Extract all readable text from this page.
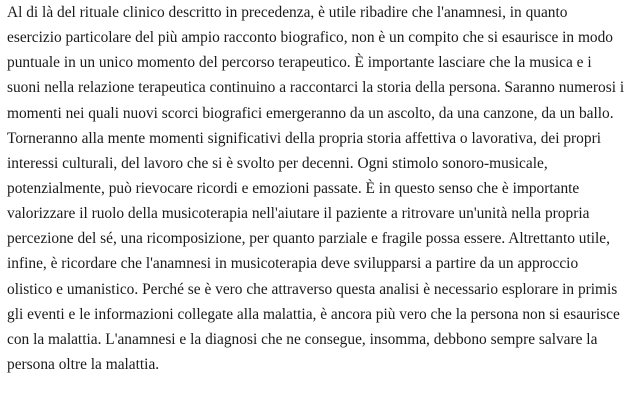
Al di là del rituale clinico descritto in precedenza, è utile ribadire che l'anamnesi, in quanto
esercizio particolare del più ampio racconto biografico, non è un compito che si esaurisce in modo
puntuale in un unico momento del percorso terapeutico. È importante lasciare che la musica e i
suoni nella relazione terapeutica continuino a raccontarci la storia della persona. Saranno numerosi i
momenti nei quali nuovi scorci biografici emergeranno da un ascolto, da una canzone, da un ballo.
Torneranno alla mente momenti significativi della propria storia affettiva o lavorativa, dei propri
interessi culturali, del lavoro che si è svolto per decenni. Ogni stimolo sonoro-musicale,
potenzialmente, può rievocare ricordi e emozioni passate. È in questo senso che è importante
valorizzare il ruolo della musicoterapia nell'aiutare il paziente a ritrovare un'unità nella propria
percezione del sé, una ricomposizione, per quanto parziale e fragile possa essere. Altrettanto utile,
infine, è ricordare che l'anamnesi in musicoterapia deve svilupparsi a partire da un approccio
olistico e umanistico. Perché se è vero che attraverso questa analisi è necessario esplorare in primis
gli eventi e le informazioni collegate alla malattia, è ancora più vero che la persona non si esaurisce
con la malattia. L'anamnesi e la diagnosi che ne consegue, insomma, debbono sempre salvare la
persona oltre la malattia.
